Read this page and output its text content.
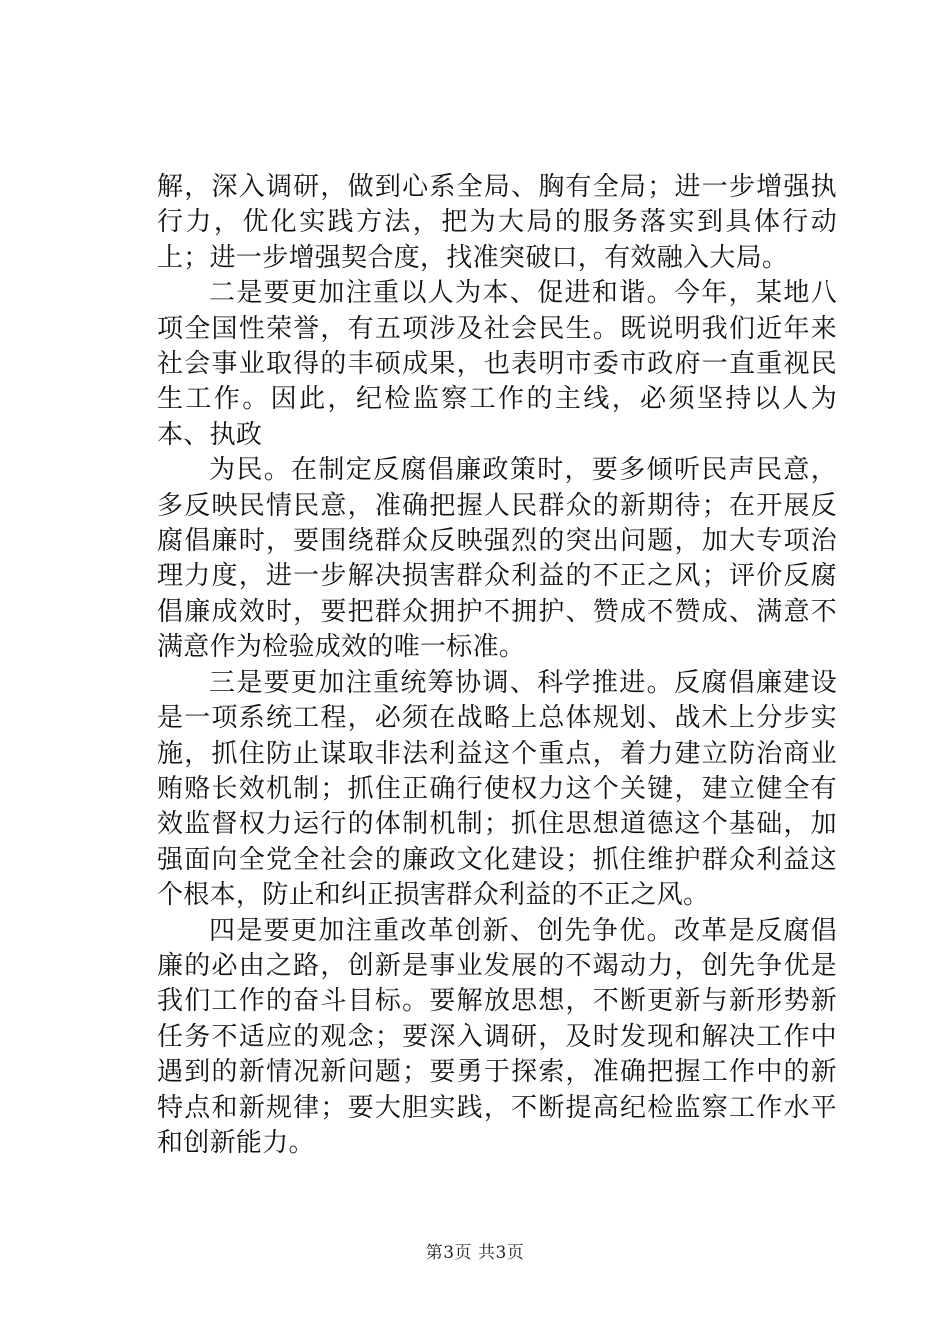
解，深入调研，做到心系全局、胸有全局；进一步增强执行力，优化实践方法，把为大局的服务落实到具体行动上；进一步增强契合度，找准突破口，有效融入大局。

二是要更加注重以人为本、促进和谐。今年，某地八项全国性荣誉，有五项涉及社会民生。既说明我们近年来社会事业取得的丰硕成果，也表明市委市政府一直重视民生工作。因此，纪检监察工作的主线，必须坚持以人为本、执政

为民。在制定反腐倡廉政策时，要多倾听民声民意，多反映民情民意，准确把握人民群众的新期待；在开展反腐倡廉时，要围绕群众反映强烈的突出问题，加大专项治理力度，进一步解决损害群众利益的不正之风；评价反腐倡廉成效时，要把群众拥护不拥护、赞成不赞成、满意不满意作为检验成效的唯一标准。

三是要更加注重统筹协调、科学推进。反腐倡廉建设是一项系统工程，必须在战略上总体规划、战术上分步实施，抓住防止谋取非法利益这个重点，着力建立防治商业贿赂长效机制；抓住正确行使权力这个关键，建立健全有效监督权力运行的体制机制；抓住思想道德这个基础，加强面向全党全社会的廉政文化建设；抓住维护群众利益这个根本，防止和纠正损害群众利益的不正之风。

四是要更加注重改革创新、创先争优。改革是反腐倡廉的必由之路，创新是事业发展的不竭动力，创先争优是我们工作的奋斗目标。要解放思想，不断更新与新形势新任务不适应的观念；要深入调研，及时发现和解决工作中遇到的新情况新问题；要勇于探索，准确把握工作中的新特点和新规律；要大胆实践，不断提高纪检监察工作水平和创新能力。

第3页 共3页
